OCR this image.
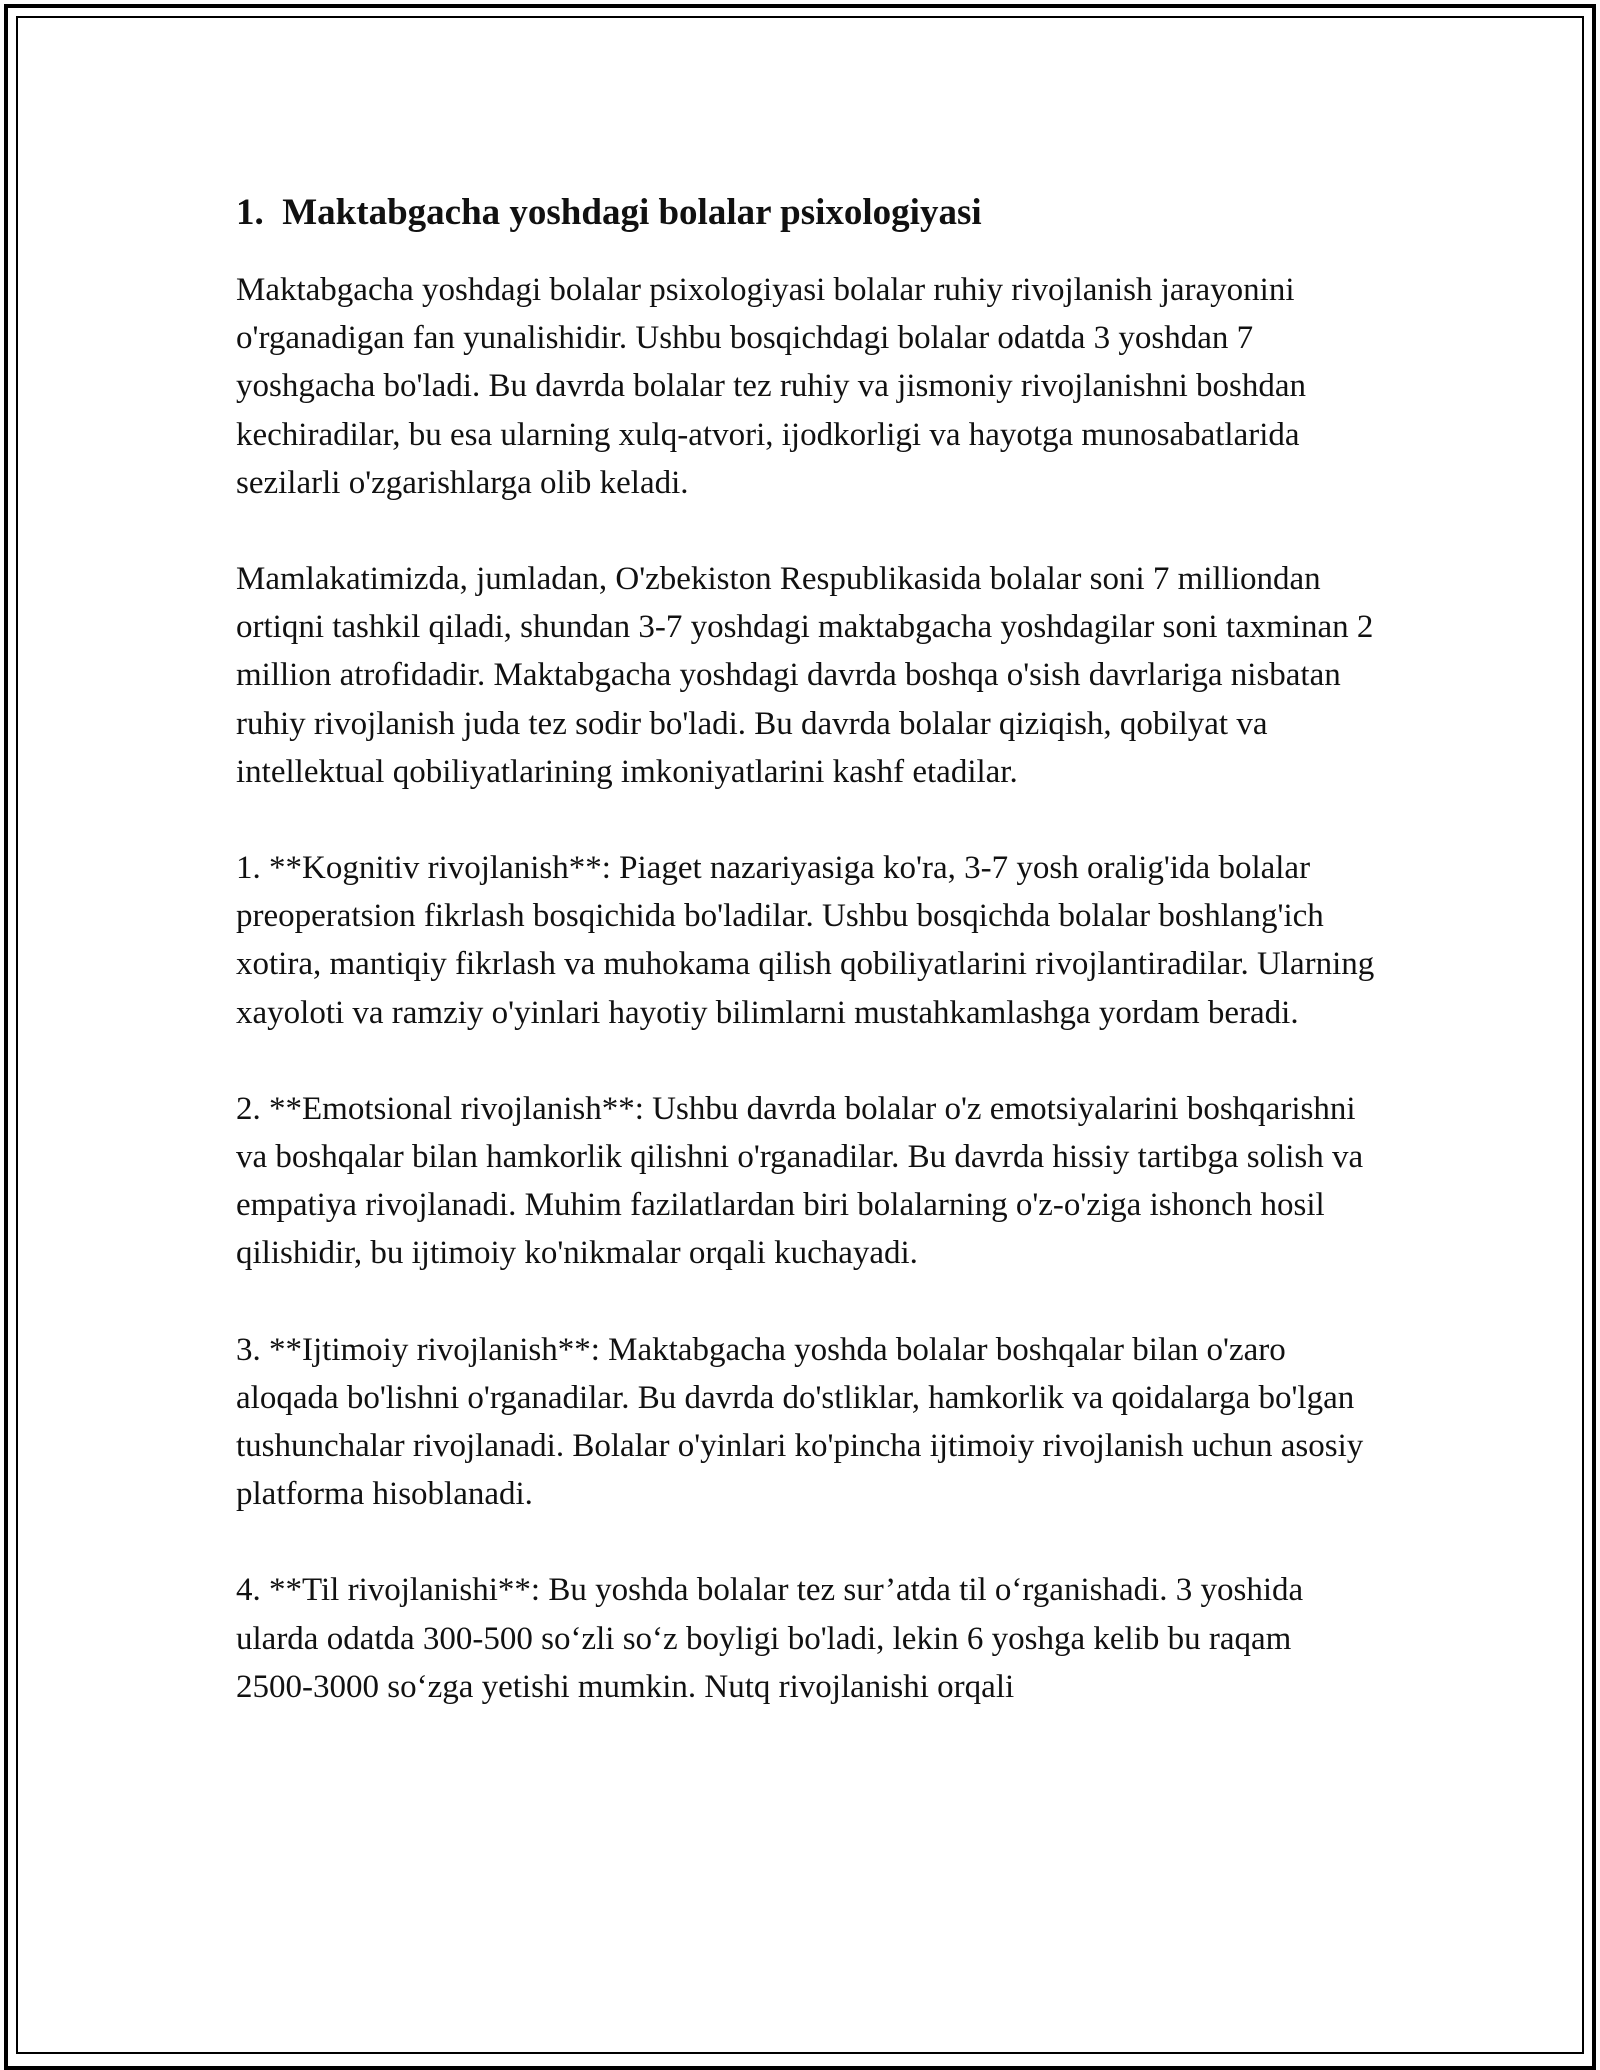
1.  Maktabgacha yoshdagi bolalar psixologiyasi

Maktabgacha yoshdagi bolalar psixologiyasi bolalar ruhiy rivojlanish jarayonini o'rganadigan fan yunalishidir. Ushbu bosqichdagi bolalar odatda 3 yoshdan 7 yoshgacha bo'ladi. Bu davrda bolalar tez ruhiy va jismoniy rivojlanishni boshdan kechiradilar, bu esa ularning xulq-atvori, ijodkorligi va hayotga munosabatlarida sezilarli o'zgarishlarga olib keladi.

Mamlakatimizda, jumladan, O'zbekiston Respublikasida bolalar soni 7 milliondan ortiqni tashkil qiladi, shundan 3-7 yoshdagi maktabgacha yoshdagilar soni taxminan 2 million atrofidadir. Maktabgacha yoshdagi davrda boshqa o'sish davrlariga nisbatan ruhiy rivojlanish juda tez sodir bo'ladi. Bu davrda bolalar qiziqish, qobilyat va intellektual qobiliyatlarining imkoniyatlarini kashf etadilar.

1. **Kognitiv rivojlanish**: Piaget nazariyasiga ko'ra, 3-7 yosh oralig'ida bolalar preoperatsion fikrlash bosqichida bo'ladilar. Ushbu bosqichda bolalar boshlang'ich xotira, mantiqiy fikrlash va muhokama qilish qobiliyatlarini rivojlantiradilar. Ularning xayoloti va ramziy o'yinlari hayotiy bilimlarni mustahkamlashga yordam beradi.

2. **Emotsional rivojlanish**: Ushbu davrda bolalar o'z emotsiyalarini boshqarishni va boshqalar bilan hamkorlik qilishni o'rganadilar. Bu davrda hissiy tartibga solish va empatiya rivojlanadi. Muhim fazilatlardan biri bolalarning o'z-o'ziga ishonch hosil qilishidir, bu ijtimoiy ko'nikmalar orqali kuchayadi.

3. **Ijtimoiy rivojlanish**: Maktabgacha yoshda bolalar boshqalar bilan o'zaro aloqada bo'lishni o'rganadilar. Bu davrda do'stliklar, hamkorlik va qoidalarga bo'lgan tushunchalar rivojlanadi. Bolalar o'yinlari ko'pincha ijtimoiy rivojlanish uchun asosiy platforma hisoblanadi.

4. **Til rivojlanishi**: Bu yoshda bolalar tez sur’atda til o‘rganishadi. 3 yoshida ularda odatda 300-500 so‘zli so‘z boyligi bo'ladi, lekin 6 yoshga kelib bu raqam 2500-3000 so‘zga yetishi mumkin. Nutq rivojlanishi orqali
